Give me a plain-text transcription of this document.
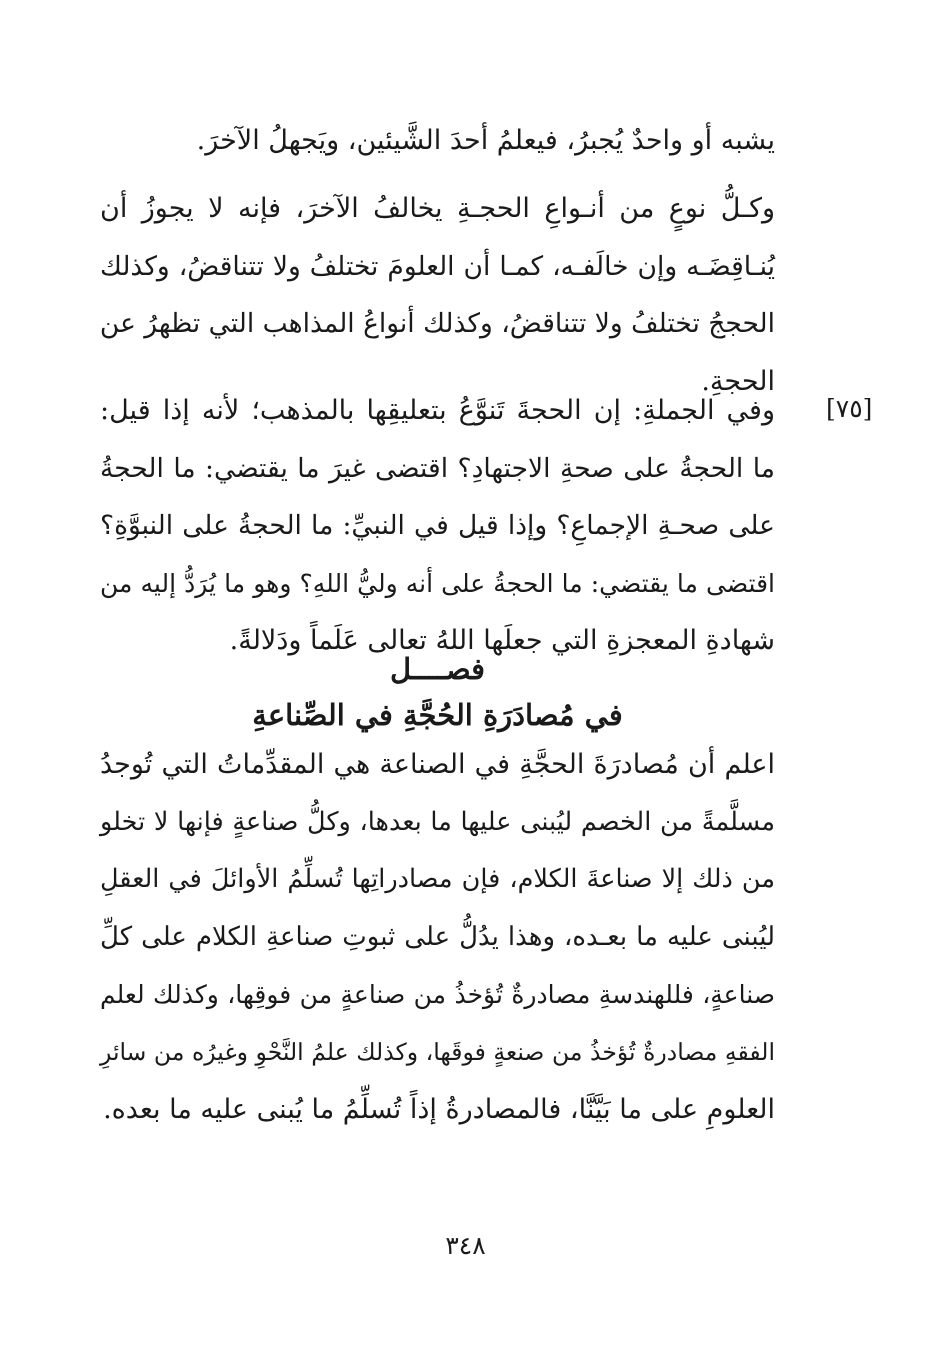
يشبه أو واحدٌ يُجبرُ، فيعلمُ أحدَ الشَّيئين، ويَجهلُ الآخرَ.
وكـلُّ نوعٍ من أنـواعِ الحجـةِ يخالفُ الآخرَ، فإنه لا يجوزُ أن
يُنـاقِضَـه وإن خالَفـه، كمـا أن العلومَ تختلفُ ولا تتناقضُ، وكذلك
الحججُ تختلفُ ولا تتناقضُ، وكذلك أنواعُ المذاهب التي تظهرُ عن
الحجةِ.
[٧٥]
وفي الجملةِ: إن الحجةَ تَنوَّعُ بتعليقِها بالمذهب؛ لأنه إذا قيل:
ما الحجةُ على صحةِ الاجتهادِ؟ اقتضى غيرَ ما يقتضي: ما الحجةُ
على صحـةِ الإجماعِ؟ وإذا قيل في النبيِّ: ما الحجةُ على النبوَّةِ؟
اقتضى ما يقتضي: ما الحجةُ على أنه وليُّ اللهِ؟ وهو ما يُرَدُّ إليه من
شهادةِ المعجزةِ التي جعلَها اللهُ تعالى عَلَماً ودَلالةً.
فصــــل
في مُصادَرَةِ الحُجَّةِ في الصِّناعةِ
اعلم أن مُصادرَةَ الحجَّةِ في الصناعة هي المقدِّماتُ التي تُوجدُ
مسلَّمةً من الخصم ليُبنى عليها ما بعدها، وكلُّ صناعةٍ فإنها لا تخلو
من ذلك إلا صناعةَ الكلام، فإن مصادراتِها تُسلِّمُ الأوائلَ في العقلِ
ليُبنى عليه ما بعـده، وهذا يدُلُّ على ثبوتِ صناعةِ الكلام على كلِّ
صناعةٍ، فللهندسةِ مصادرةٌ تُؤخذُ من صناعةٍ من فوقِها، وكذلك لعلم
الفقهِ مصادرةٌ تُؤخذُ من صنعةٍ فوقَها، وكذلك علمُ النَّحْوِ وغيرُه من سائرِ
العلومِ على ما بَيَّنَّا، فالمصادرةُ إذاً تُسلِّمُ ما يُبنى عليه ما بعده.
٣٤٨
